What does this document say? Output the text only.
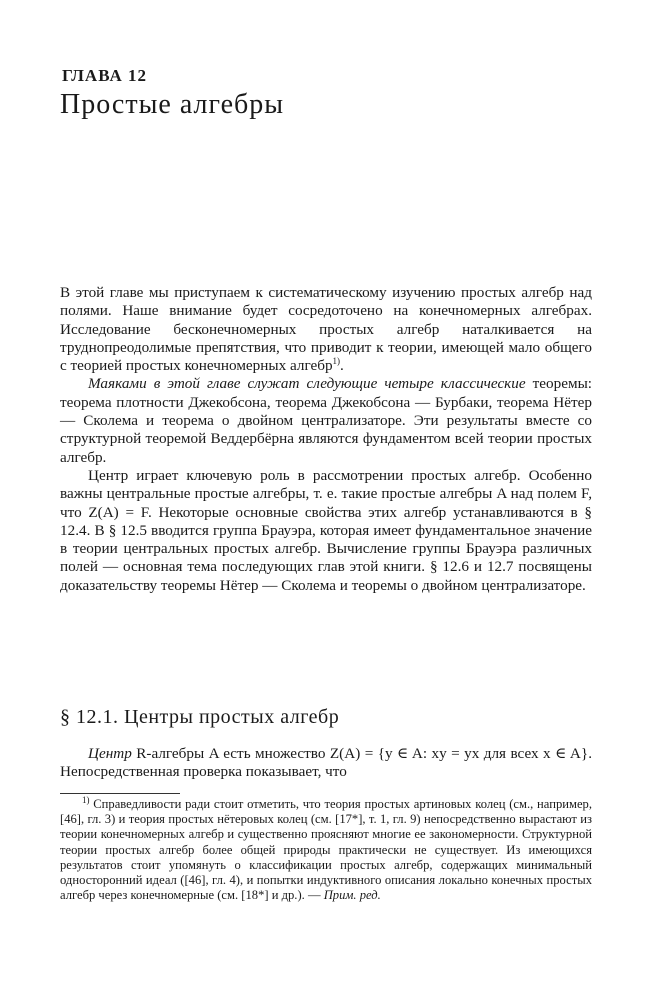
ГЛАВА 12
Простые алгебры

В этой главе мы приступаем к систематическому изучению простых алгебр над полями. Наше внимание будет сосредоточено на конечномерных алгебрах. Исследование бесконечномерных простых алгебр наталкивается на труднопреодолимые препятствия, что приводит к теории, имеющей мало общего с теорией простых конечномерных алгебр$^{1)}$.

Маяками в этой главе служат следующие четыре классические теоремы: теорема плотности Джекобсона, теорема Джекобсона — Бурбаки, теорема Нётер — Сколема и теорема о двойном централизаторе. Эти результаты вместе со структурной теоремой Веддербёрна являются фундаментом всей теории простых алгебр.

Центр играет ключевую роль в рассмотрении простых алгебр. Особенно важны центральные простые алгебры, т. е. такие простые алгебры A над полем F, что Z(A) = F. Некоторые основные свойства этих алгебр устанавливаются в § 12.4. В § 12.5 вводится группа Брауэра, которая имеет фундаментальное значение в теории центральных простых алгебр. Вычисление группы Брауэра различных полей — основная тема последующих глав этой книги. § 12.6 и 12.7 посвящены доказательству теоремы Нётер — Сколема и теоремы о двойном централизаторе.

§ 12.1. Центры простых алгебр

Центр R-алгебры A есть множество Z(A) = {y ∈ A: xy = yx для всех x ∈ A}. Непосредственная проверка показывает, что

$^{1)}$ Справедливости ради стоит отметить, что теория простых артиновых колец (см., например, [46], гл. 3) и теория простых нётеровых колец (см. [17*], т. 1, гл. 9) непосредственно вырастают из теории конечномерных алгебр и существенно проясняют многие ее закономерности. Структурной теории простых алгебр более общей природы практически не существует. Из имеющихся результатов стоит упомянуть о классификации простых алгебр, содержащих минимальный односторонний идеал ([46], гл. 4), и попытки индуктивного описания локально конечных простых алгебр через конечномерные (см. [18*] и др.). — Прим. ред.
